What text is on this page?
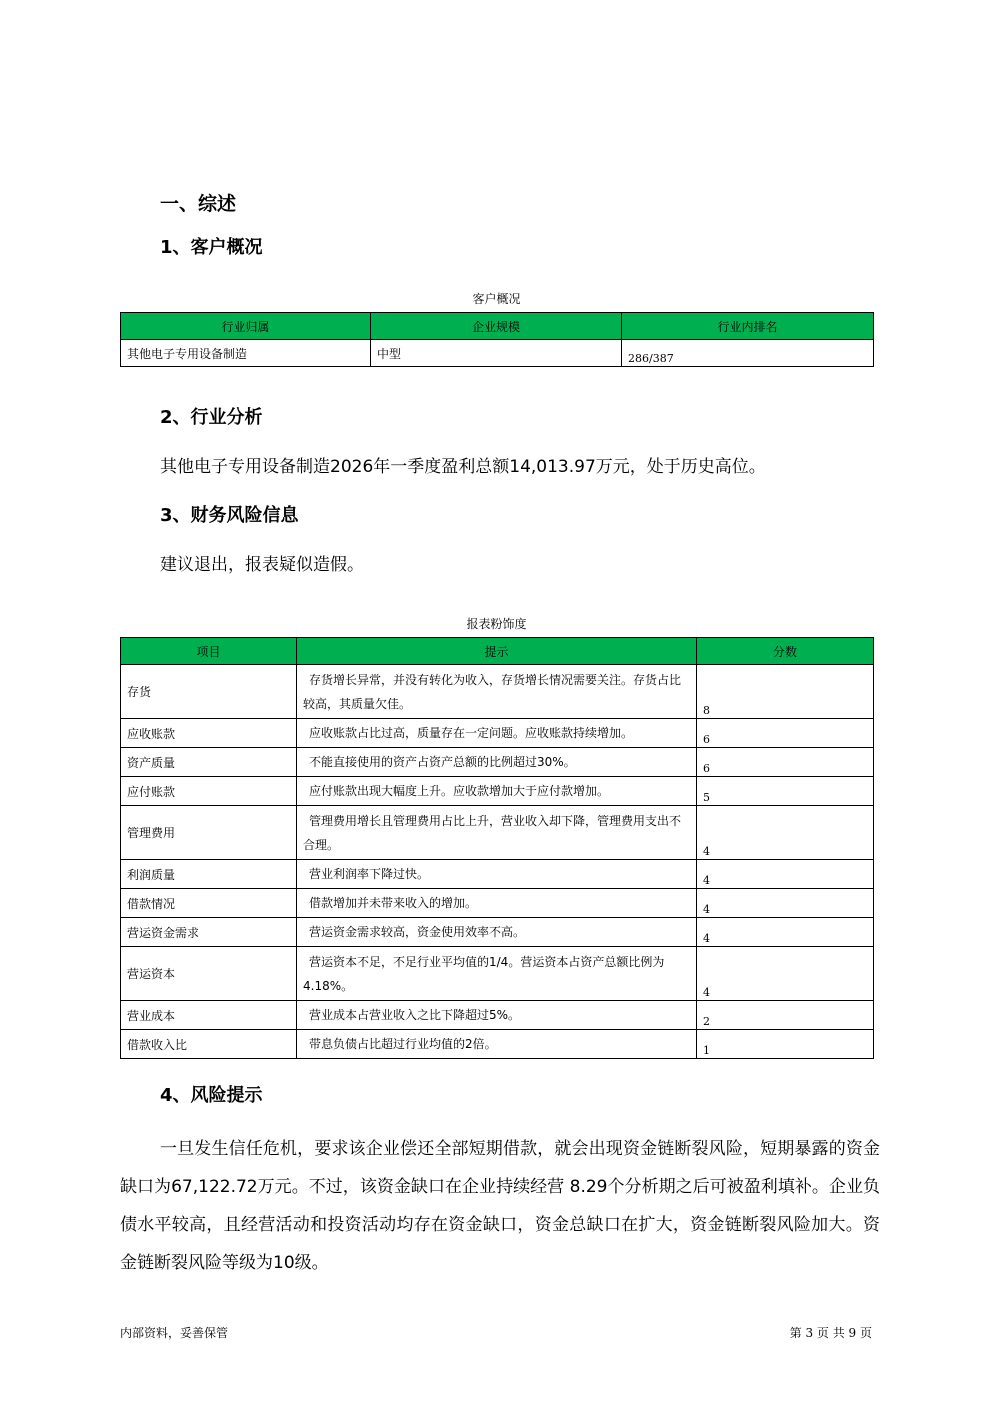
一、综述
1、客户概况
客户概况
行业归属	企业规模	行业内排名
其他电子专用设备制造	中型	286/387
2、行业分析
其他电子专用设备制造2026年一季度盈利总额14,013.97万元，处于历史高位。
3、财务风险信息
建议退出，报表疑似造假。
报表粉饰度
项目	提示	分数
存货	存货增长异常，并没有转化为收入，存货增长情况需要关注。存货占比较高，其质量欠佳。	8
应收账款	应收账款占比过高，质量存在一定问题。应收账款持续增加。	6
资产质量	不能直接使用的资产占资产总额的比例超过30%。	6
应付账款	应付账款出现大幅度上升。应收款增加大于应付款增加。	5
管理费用	管理费用增长且管理费用占比上升，营业收入却下降，管理费用支出不合理。	4
利润质量	营业利润率下降过快。	4
借款情况	借款增加并未带来收入的增加。	4
营运资金需求	营运资金需求较高，资金使用效率不高。	4
营运资本	营运资本不足，不足行业平均值的1/4。营运资本占资产总额比例为4.18%。	4
营业成本	营业成本占营业收入之比下降超过5%。	2
借款收入比	带息负债占比超过行业均值的2倍。	1
4、风险提示
一旦发生信任危机，要求该企业偿还全部短期借款，就会出现资金链断裂风险，短期暴露的资金缺口为67,122.72万元。不过，该资金缺口在企业持续经营 8.29个分析期之后可被盈利填补。企业负债水平较高，且经营活动和投资活动均存在资金缺口，资金总缺口在扩大，资金链断裂风险加大。资金链断裂风险等级为10级。
内部资料，妥善保管	第 3 页 共 9 页
